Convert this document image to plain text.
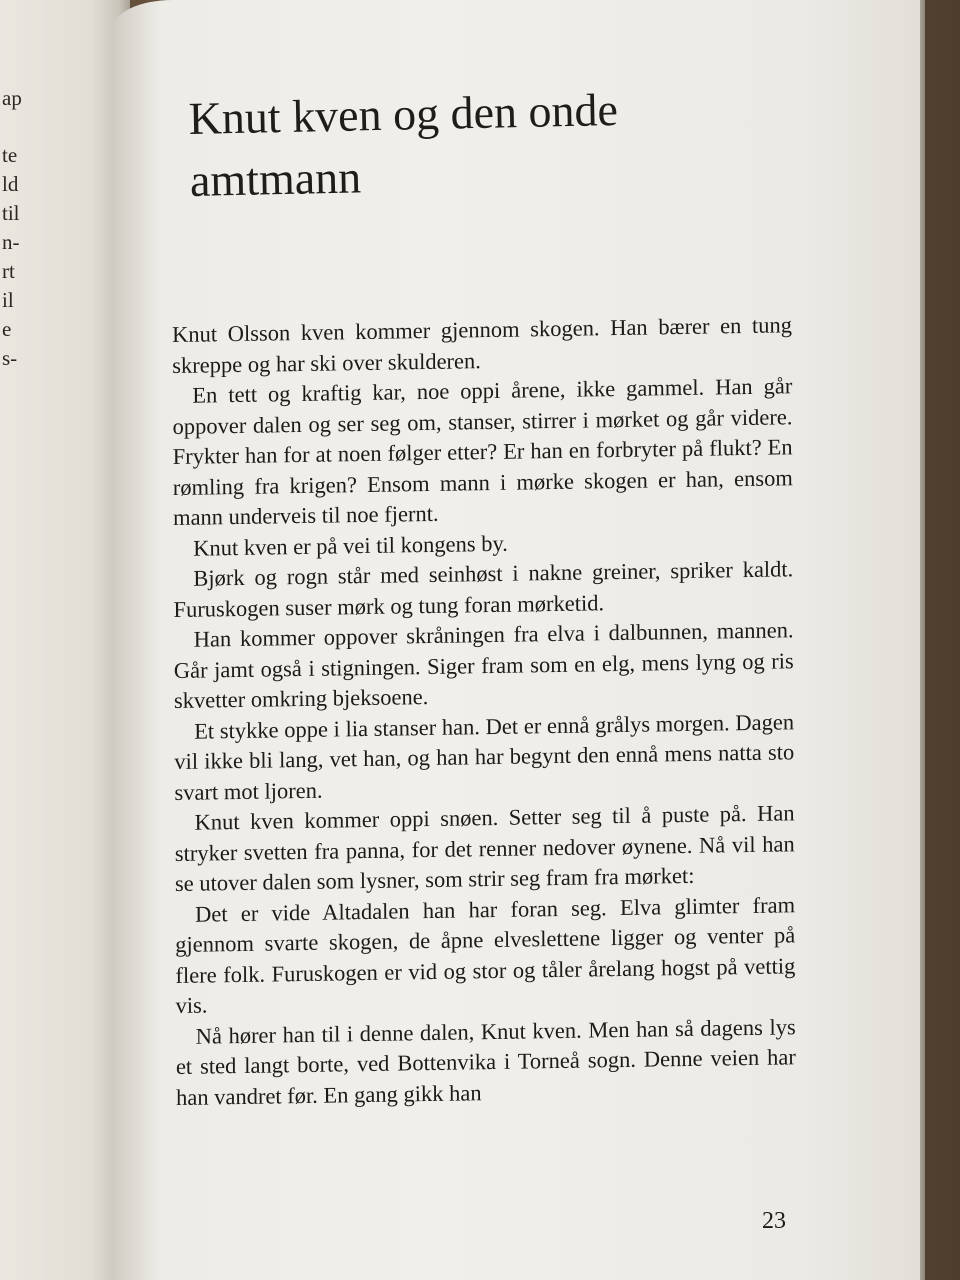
ap
te
ld
til
n-
rt
il
e
s-
Knut kven og den onde amtmann

Knut Olsson kven kommer gjennom skogen. Han bærer en tung skreppe og har ski over skulderen.

En tett og kraftig kar, noe oppi årene, ikke gammel. Han går oppover dalen og ser seg om, stanser, stirrer i mørket og går videre. Frykter han for at noen følger etter? Er han en forbryter på flukt? En rømling fra krigen? Ensom mann i mørke skogen er han, ensom mann underveis til noe fjernt.

Knut kven er på vei til kongens by.

Bjørk og rogn står med seinhøst i nakne greiner, spriker kaldt. Furuskogen suser mørk og tung foran mørketid.

Han kommer oppover skråningen fra elva i dalbunnen, mannen. Går jamt også i stigningen. Siger fram som en elg, mens lyng og ris skvetter omkring bjeksoene.

Et stykke oppe i lia stanser han. Det er ennå grålys morgen. Dagen vil ikke bli lang, vet han, og han har begynt den ennå mens natta sto svart mot ljoren.

Knut kven kommer oppi snøen. Setter seg til å puste på. Han stryker svetten fra panna, for det renner nedover øynene. Nå vil han se utover dalen som lysner, som strir seg fram fra mørket:

Det er vide Altadalen han har foran seg. Elva glimter fram gjennom svarte skogen, de åpne elveslettene ligger og venter på flere folk. Furuskogen er vid og stor og tåler årelang hogst på vettig vis.

Nå hører han til i denne dalen, Knut kven. Men han så dagens lys et sted langt borte, ved Bottenvika i Torneå sogn. Denne veien har han vandret før. En gang gikk han

23
